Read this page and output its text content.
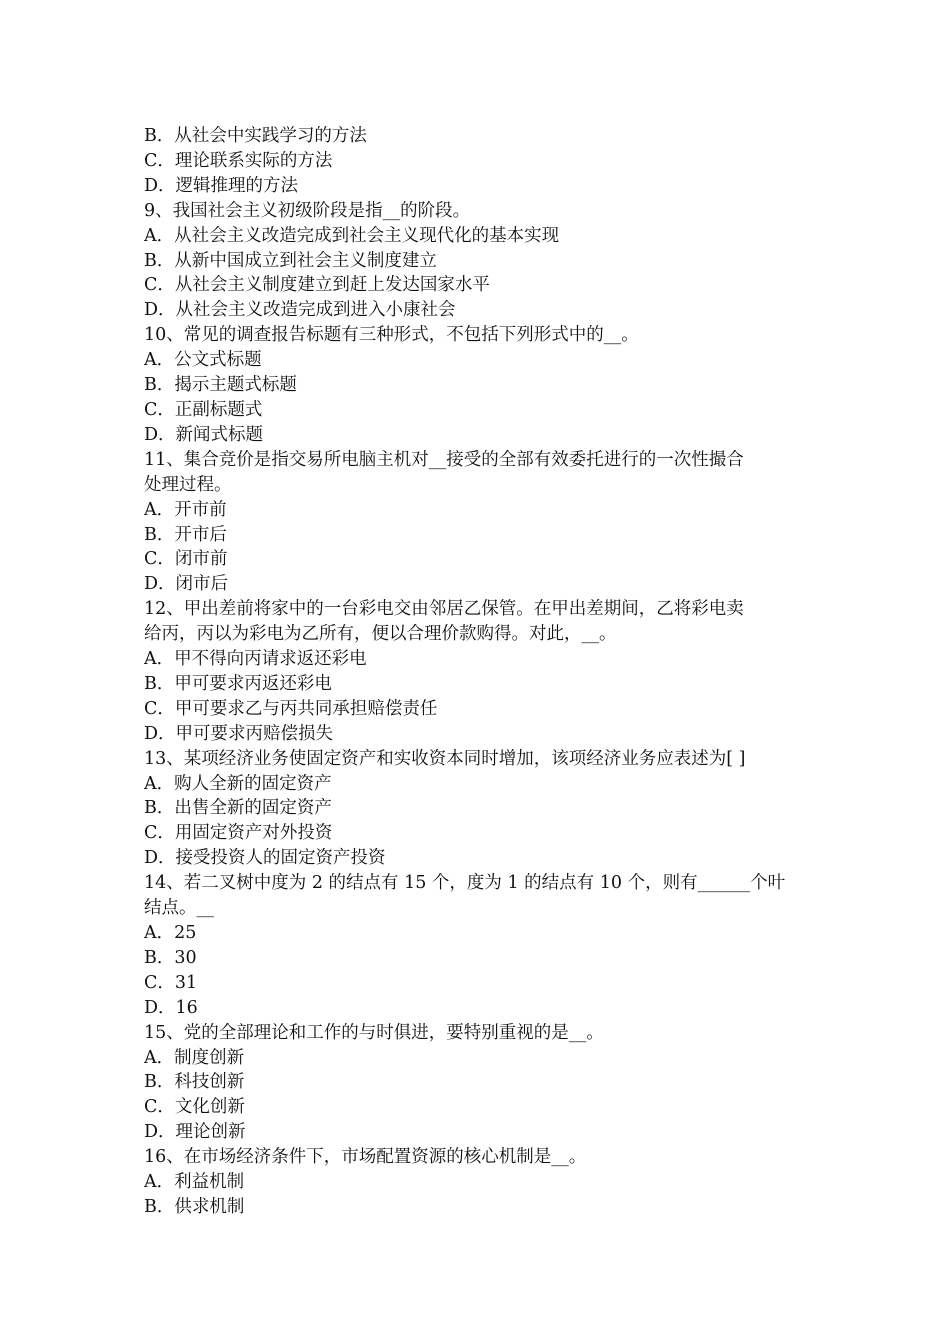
B．从社会中实践学习的方法
C．理论联系实际的方法
D．逻辑推理的方法
9、我国社会主义初级阶段是指__的阶段。
A．从社会主义改造完成到社会主义现代化的基本实现
B．从新中国成立到社会主义制度建立
C．从社会主义制度建立到赶上发达国家水平
D．从社会主义改造完成到进入小康社会
10、常见的调查报告标题有三种形式，不包括下列形式中的__。
A．公文式标题
B．揭示主题式标题
C．正副标题式
D．新闻式标题
11、集合竞价是指交易所电脑主机对__接受的全部有效委托进行的一次性撮合
处理过程。
A．开市前
B．开市后
C．闭市前
D．闭市后
12、甲出差前将家中的一台彩电交由邻居乙保管。在甲出差期间，乙将彩电卖
给丙，丙以为彩电为乙所有，便以合理价款购得。对此，__。
A．甲不得向丙请求返还彩电
B．甲可要求丙返还彩电
C．甲可要求乙与丙共同承担赔偿责任
D．甲可要求丙赔偿损失
13、某项经济业务使固定资产和实收资本同时增加，该项经济业务应表述为[ ]
A．购人全新的固定资产
B．出售全新的固定资产
C．用固定资产对外投资
D．接受投资人的固定资产投资
14、若二叉树中度为 2 的结点有 15 个，度为 1 的结点有 10 个，则有______个叶
结点。__
A．25
B．30
C．31
D．16
15、党的全部理论和工作的与时俱进，要特别重视的是__。
A．制度创新
B．科技创新
C．文化创新
D．理论创新
16、在市场经济条件下，市场配置资源的核心机制是__。
A．利益机制
B．供求机制
